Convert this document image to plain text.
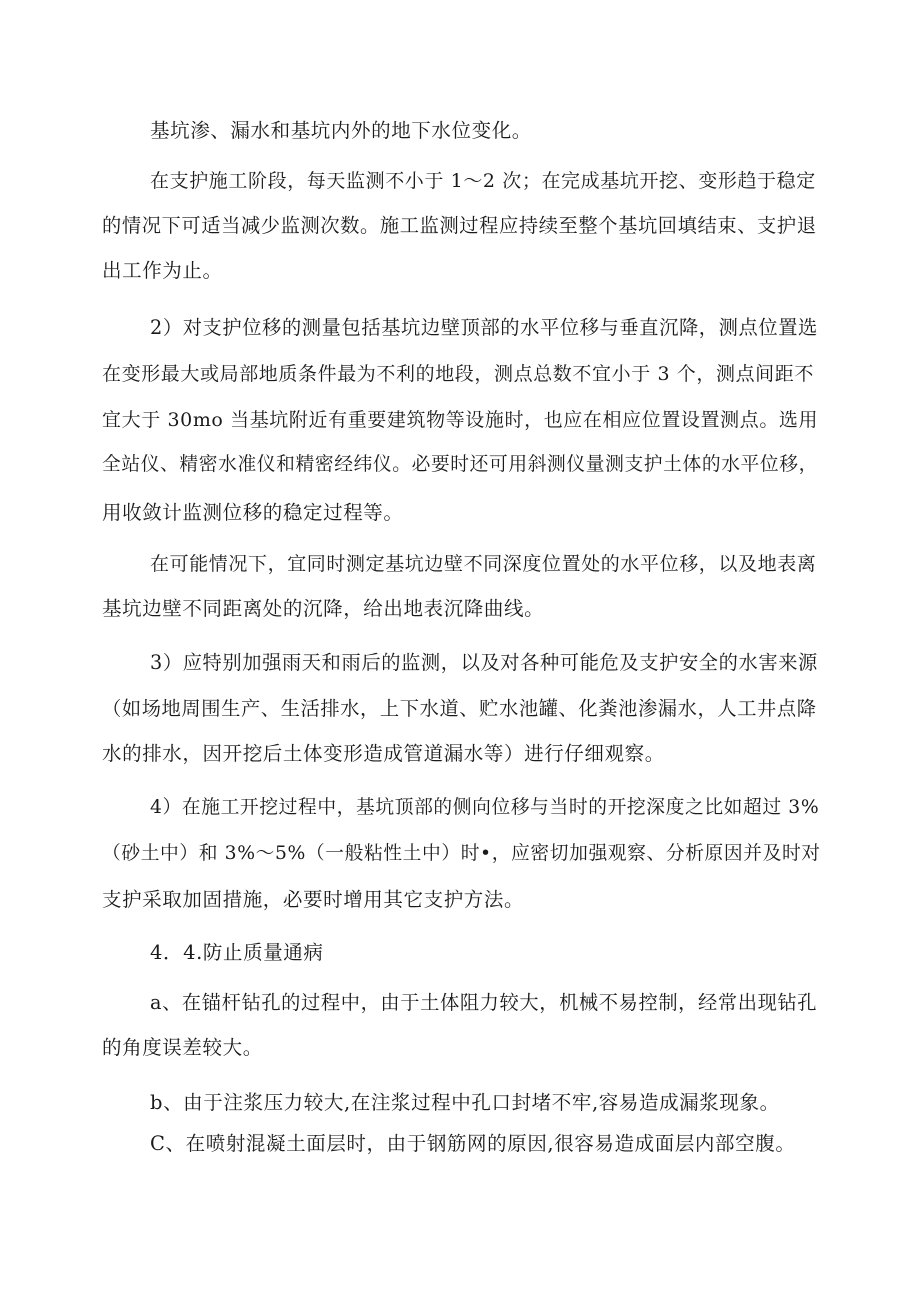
基坑渗、漏水和基坑内外的地下水位变化。
在支护施工阶段，每天监测不小于 1～2 次；在完成基坑开挖、变形趋于稳定
的情况下可适当减少监测次数。施工监测过程应持续至整个基坑回填结束、支护退
出工作为止。
2）对支护位移的测量包括基坑边壁顶部的水平位移与垂直沉降，测点位置选
在变形最大或局部地质条件最为不利的地段，测点总数不宜小于 3 个，测点间距不
宜大于 30mo 当基坑附近有重要建筑物等设施时，也应在相应位置设置测点。选用
全站仪、精密水准仪和精密经纬仪。必要时还可用斜测仪量测支护土体的水平位移，
用收敛计监测位移的稳定过程等。
在可能情况下，宜同时测定基坑边壁不同深度位置处的水平位移，以及地表离
基坑边壁不同距离处的沉降，给出地表沉降曲线。
3）应特别加强雨天和雨后的监测，以及对各种可能危及支护安全的水害来源
（如场地周围生产、生活排水，上下水道、贮水池罐、化粪池渗漏水，人工井点降
水的排水，因开挖后土体变形造成管道漏水等）进行仔细观察。
4）在施工开挖过程中，基坑顶部的侧向位移与当时的开挖深度之比如超过 3%
（砂土中）和 3%～5%（一般粘性土中）时•，应密切加强观察、分析原因并及时对
支护采取加固措施，必要时增用其它支护方法。
4．4.防止质量通病
a、在锚杆钻孔的过程中，由于土体阻力较大，机械不易控制，经常出现钻孔
的角度误差较大。
b、由于注浆压力较大,在注浆过程中孔口封堵不牢,容易造成漏浆现象。
C、在喷射混凝土面层时，由于钢筋网的原因,很容易造成面层内部空腹。
